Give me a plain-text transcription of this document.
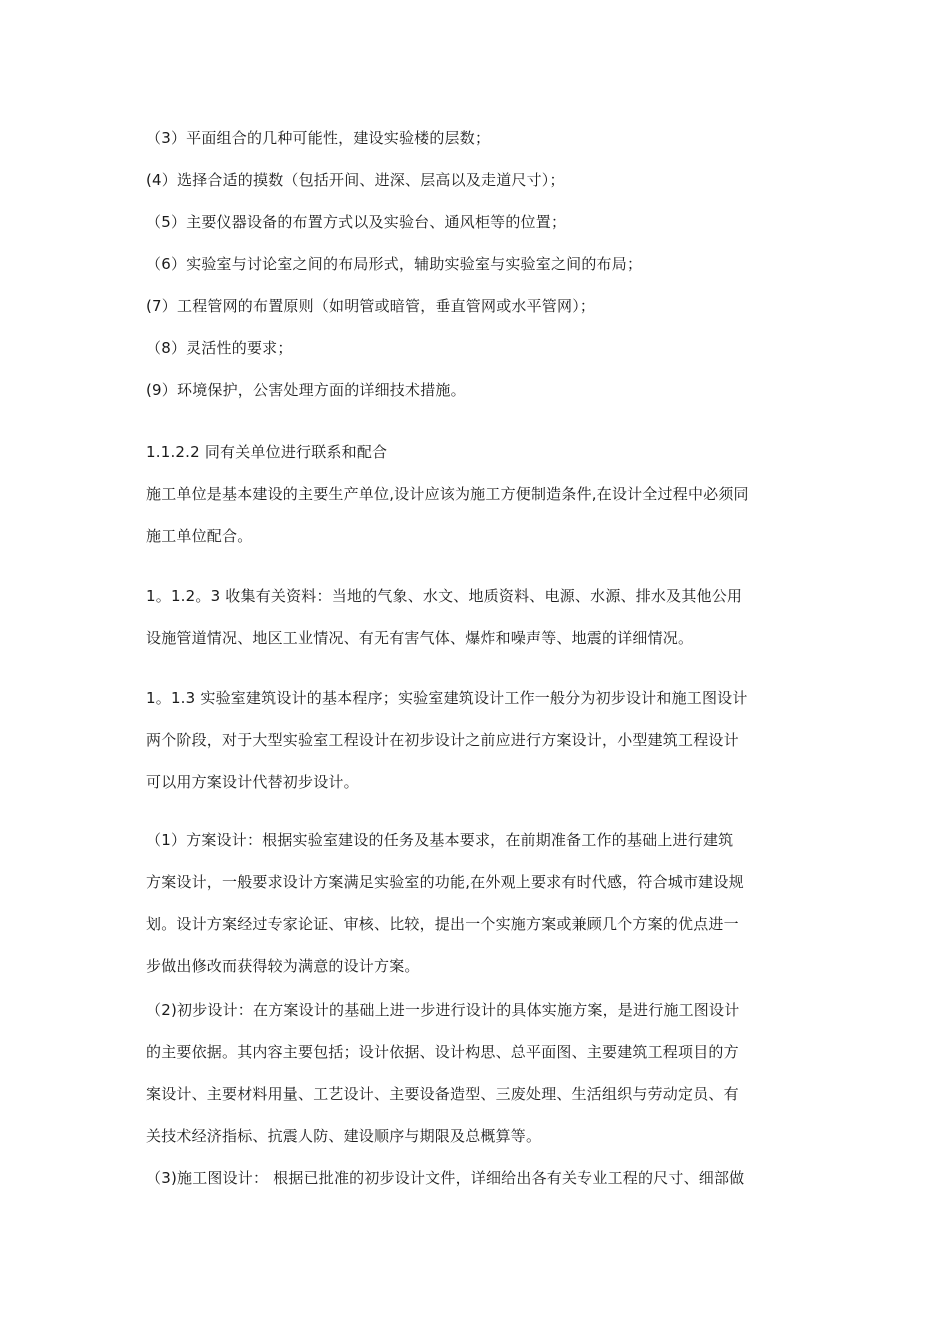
（3）平面组合的几种可能性，建设实验楼的层数；
(4）选择合适的摸数（包括开间、进深、层高以及走道尺寸）；
（5）主要仪器设备的布置方式以及实验台、通风柜等的位置；
（6）实验室与讨论室之间的布局形式，辅助实验室与实验室之间的布局；
(7）工程管网的布置原则（如明管或暗管，垂直管网或水平管网）；
（8）灵活性的要求；
(9）环境保护，公害处理方面的详细技术措施。
1.1.2.2 同有关单位进行联系和配合
施工单位是基本建设的主要生产单位,设计应该为施工方便制造条件,在设计全过程中必须同
施工单位配合。
1。1.2。3 收集有关资料：当地的气象、水文、地质资料、电源、水源、排水及其他公用
设施管道情况、地区工业情况、有无有害气体、爆炸和噪声等、地震的详细情况。
1。1.3 实验室建筑设计的基本程序；实验室建筑设计工作一般分为初步设计和施工图设计
两个阶段，对于大型实验室工程设计在初步设计之前应进行方案设计，小型建筑工程设计
可以用方案设计代替初步设计。
（1）方案设计：根据实验室建设的任务及基本要求，在前期准备工作的基础上进行建筑
方案设计，一般要求设计方案满足实验室的功能,在外观上要求有时代感，符合城市建设规
划。设计方案经过专家论证、审核、比较，提出一个实施方案或兼顾几个方案的优点进一
步做出修改而获得较为满意的设计方案。
（2)初步设计：在方案设计的基础上进一步进行设计的具体实施方案，是进行施工图设计
的主要依据。其内容主要包括；设计依据、设计构思、总平面图、主要建筑工程项目的方
案设计、主要材料用量、工艺设计、主要设备造型、三废处理、生活组织与劳动定员、有
关技术经济指标、抗震人防、建设顺序与期限及总概算等。
（3)施工图设计： 根据已批准的初步设计文件，详细给出各有关专业工程的尺寸、细部做
